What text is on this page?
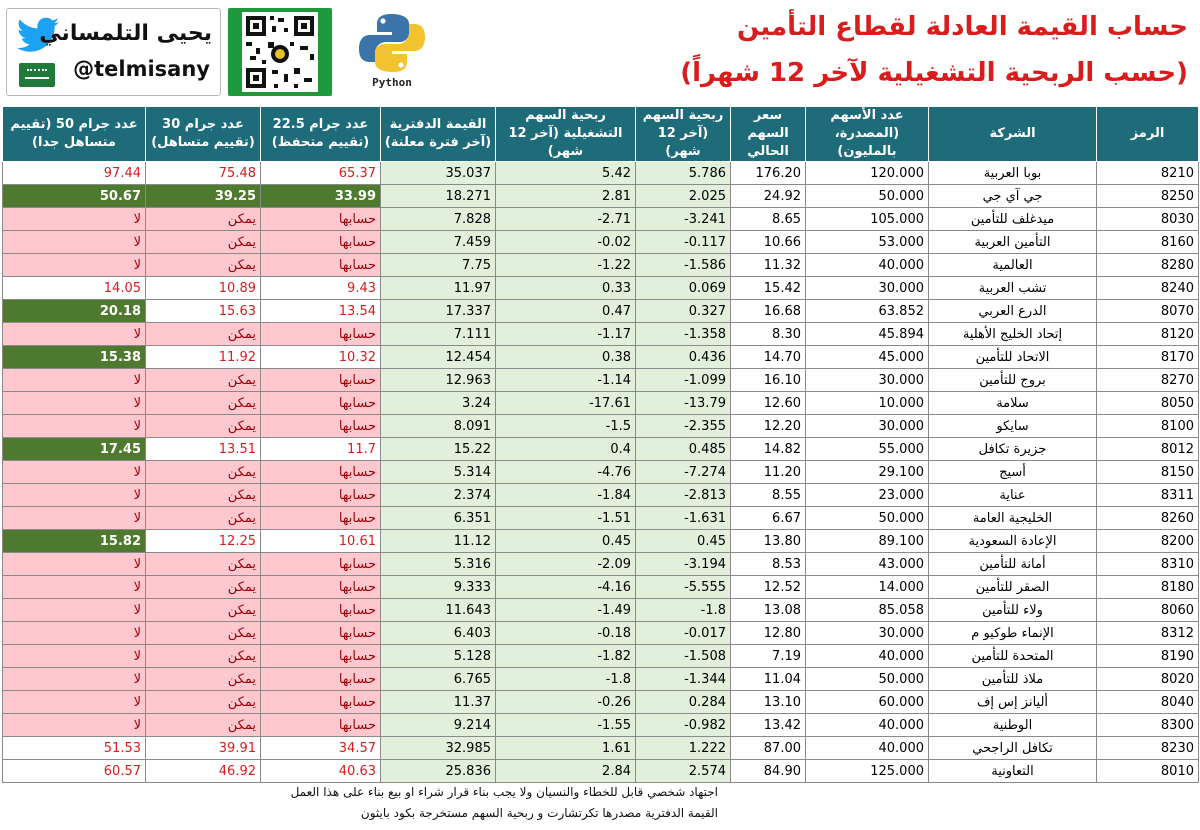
حساب القيمة العادلة لقطاع التأمين
(حسب الربحية التشغيلية لآخر 12 شهراً)
يحيى التلمساني
@telmisany
Python
الرمز	الشركة	عدد الأسهم (المصدرة، بالمليون)	سعر السهم الحالي	ربحية السهم (آخر 12 شهر)	ربحية السهم التشغيلية (آخر 12 شهر)	القيمة الدفترية (آخر فترة معلنة)	عدد جرام 22.5 (تقييم متحفظ)	عدد جرام 30 (تقييم متساهل)	عدد جرام 50 (تقييم متساهل جدا)
8210	بوبا العربية	120.000	176.20	5.786	5.42	35.037	65.37	75.48	97.44
8250	جي آي جي	50.000	24.92	2.025	2.81	18.271	33.99	39.25	50.67
8030	ميدغلف للتأمين	105.000	8.65	-3.241	-2.71	7.828	حسابها	يمكن	لا
8160	التأمين العربية	53.000	10.66	-0.117	-0.02	7.459	حسابها	يمكن	لا
8280	العالمية	40.000	11.32	-1.586	-1.22	7.75	حسابها	يمكن	لا
8240	تشب العربية	30.000	15.42	0.069	0.33	11.97	9.43	10.89	14.05
8070	الدرع العربي	63.852	16.68	0.327	0.47	17.337	13.54	15.63	20.18
8120	إتحاد الخليج الأهلية	45.894	8.30	-1.358	-1.17	7.111	حسابها	يمكن	لا
8170	الاتحاد للتأمين	45.000	14.70	0.436	0.38	12.454	10.32	11.92	15.38
8270	بروج للتأمين	30.000	16.10	-1.099	-1.14	12.963	حسابها	يمكن	لا
8050	سلامة	10.000	12.60	-13.79	-17.61	3.24	حسابها	يمكن	لا
8100	سايكو	30.000	12.20	-2.355	-1.5	8.091	حسابها	يمكن	لا
8012	جزيرة تكافل	55.000	14.82	0.485	0.4	15.22	11.7	13.51	17.45
8150	أسيج	29.100	11.20	-7.274	-4.76	5.314	حسابها	يمكن	لا
8311	عناية	23.000	8.55	-2.813	-1.84	2.374	حسابها	يمكن	لا
8260	الخليجية العامة	50.000	6.67	-1.631	-1.51	6.351	حسابها	يمكن	لا
8200	الإعادة السعودية	89.100	13.80	0.45	0.45	11.12	10.61	12.25	15.82
8310	أمانة للتأمين	43.000	8.53	-3.194	-2.09	5.316	حسابها	يمكن	لا
8180	الصقر للتأمين	14.000	12.52	-5.555	-4.16	9.333	حسابها	يمكن	لا
8060	ولاء للتأمين	85.058	13.08	-1.8	-1.49	11.643	حسابها	يمكن	لا
8312	الإنماء طوكيو م	30.000	12.80	-0.017	-0.18	6.403	حسابها	يمكن	لا
8190	المتحدة للتأمين	40.000	7.19	-1.508	-1.82	5.128	حسابها	يمكن	لا
8020	ملاذ للتأمين	50.000	11.04	-1.344	-1.8	6.765	حسابها	يمكن	لا
8040	أليانز إس إف	60.000	13.10	0.284	-0.26	11.37	حسابها	يمكن	لا
8300	الوطنية	40.000	13.42	-0.982	-1.55	9.214	حسابها	يمكن	لا
8230	تكافل الراجحي	40.000	87.00	1.222	1.61	32.985	34.57	39.91	51.53
8010	التعاونية	125.000	84.90	2.574	2.84	25.836	40.63	46.92	60.57
اجتهاد شخصي قابل للخطاء والنسيان ولا يجب بناء قرار شراء او بيع بناء على هذا العمل
القيمة الدفترية مصدرها تكرتشارت و ربحية السهم مستخرجة بكود بايثون
